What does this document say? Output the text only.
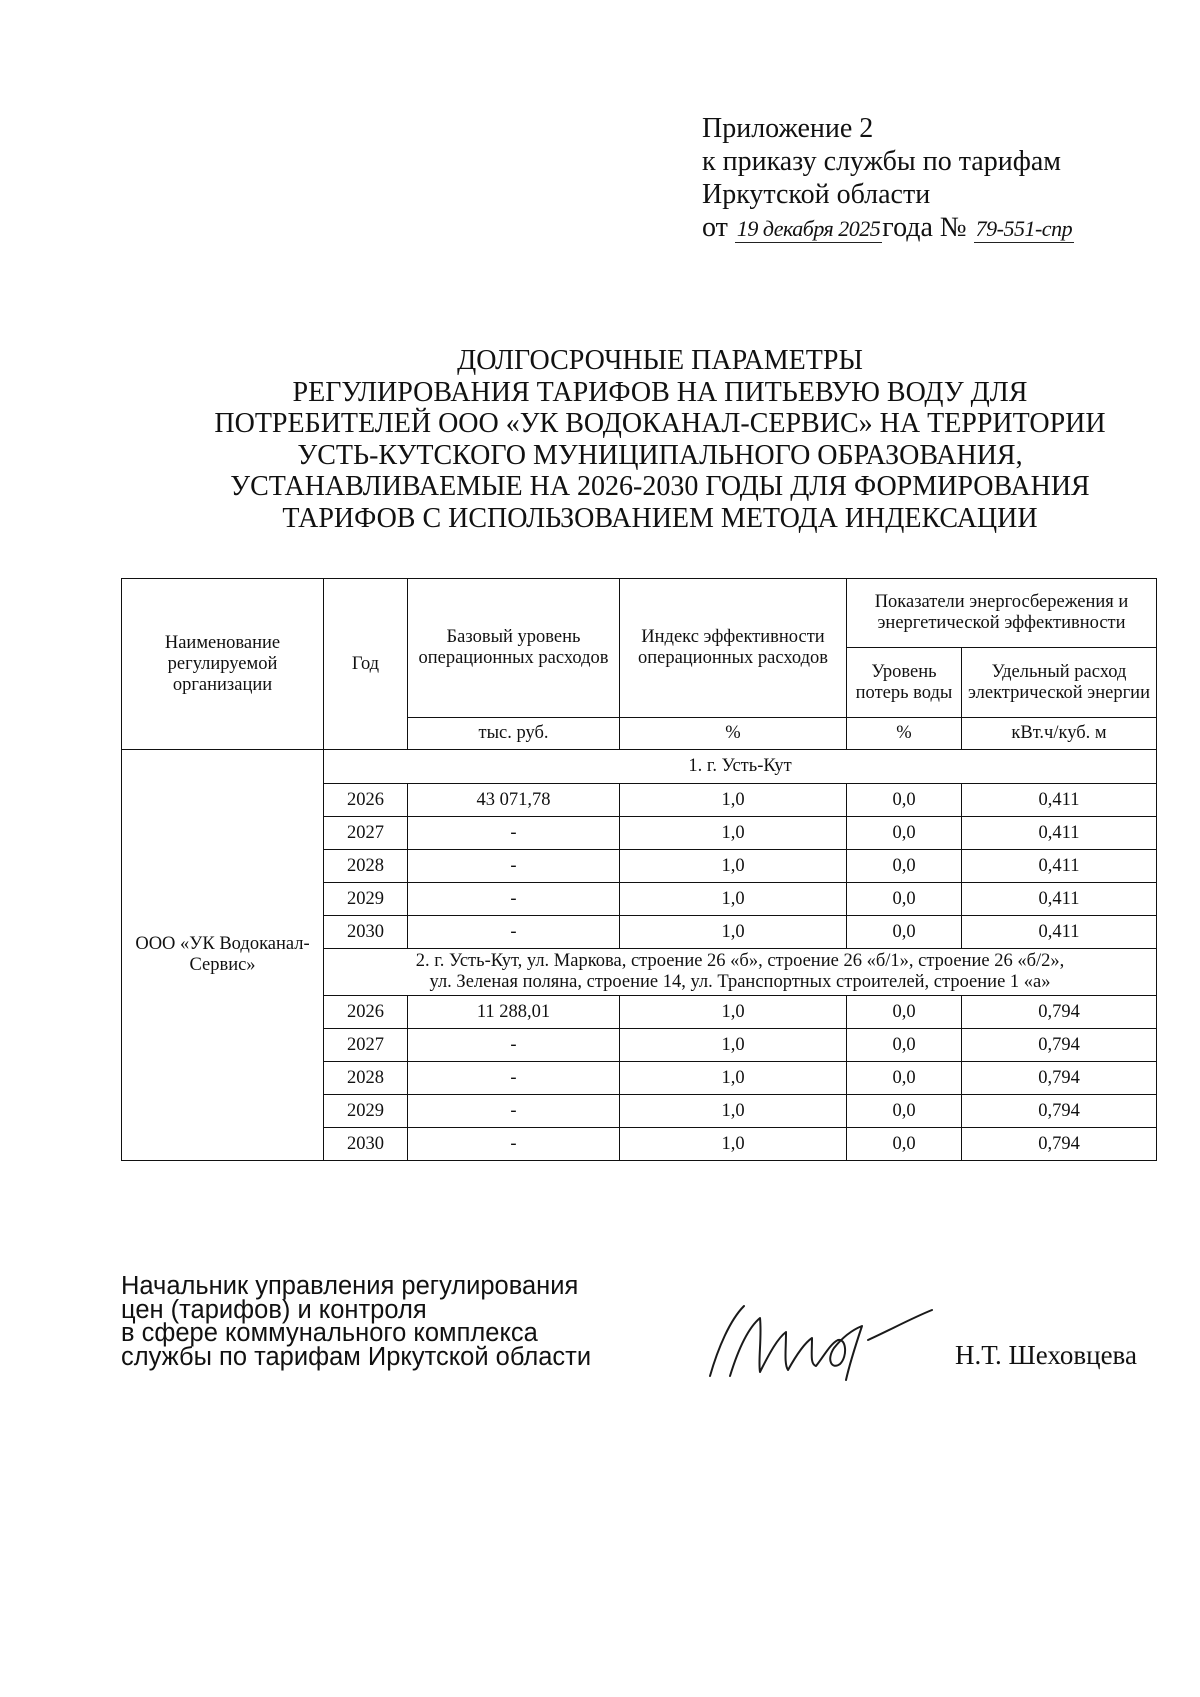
Приложение 2
к приказу службы по тарифам
Иркутской области
от 19 декабря 2025года № 79-551-спр
ДОЛГОСРОЧНЫЕ ПАРАМЕТРЫ
РЕГУЛИРОВАНИЯ ТАРИФОВ НА ПИТЬЕВУЮ ВОДУ ДЛЯ
ПОТРЕБИТЕЛЕЙ ООО «УК ВОДОКАНАЛ-СЕРВИС» НА ТЕРРИТОРИИ
УСТЬ-КУТСКОГО МУНИЦИПАЛЬНОГО ОБРАЗОВАНИЯ,
УСТАНАВЛИВАЕМЫЕ НА 2026-2030 ГОДЫ ДЛЯ ФОРМИРОВАНИЯ
ТАРИФОВ С ИСПОЛЬЗОВАНИЕМ МЕТОДА ИНДЕКСАЦИИ
Наименование регулируемой организации	Год	Базовый уровень операционных расходов	Индекс эффективности операционных расходов	Показатели энергосбережения и энергетической эффективности	
				Уровень потерь воды	Удельный расход электрической энергии
		тыс. руб.	%	%	кВт.ч/куб. м
ООО «УК Водоканал-Сервис»	1. г. Усть-Кут				
	2026	43 071,78	1,0	0,0	0,411
	2027	-	1,0	0,0	0,411
	2028	-	1,0	0,0	0,411
	2029	-	1,0	0,0	0,411
	2030	-	1,0	0,0	0,411

	2. г. Усть-Кут, ул. Маркова, строение 26 «б», строение 26 «б/1», строение 26 «б/2»,
ул. Зеленая поляна, строение 14, ул. Транспортных строителей, строение 1 «а»				

	2026	11 288,01	1,0	0,0	0,794
	2027	-	1,0	0,0	0,794
	2028	-	1,0	0,0	0,794
	2029	-	1,0	0,0	0,794
	2030	-	1,0	0,0	0,794
Начальник управления регулирования
цен (тарифов) и контроля
в сфере коммунального комплекса
службы по тарифам Иркутской области	Н.Т. Шеховцева
